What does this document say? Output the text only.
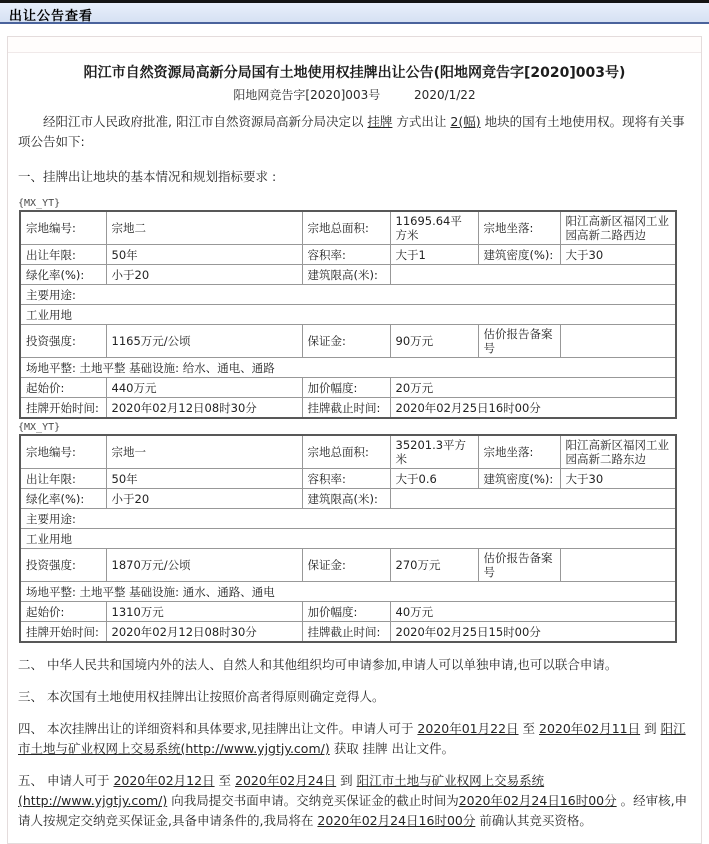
出让公告查看
阳江市自然资源局高新分局国有土地使用权挂牌出让公告(阳地网竞告字[2020]003号)
阳地网竞告字[2020]003号	2020/1/22

经阳江市人民政府批准, 阳江市自然资源局高新分局决定以 挂牌 方式出让 2(幅) 地块的国有土地使用权。现将有关事项公告如下:

一、挂牌出让地块的基本情况和规划指标要求 :
{MX_YT}
宗地编号:	宗地二	宗地总面积:	11695.64平方米	宗地坐落:	阳江高新区福冈工业园高新二路西边
出让年限:	50年	容积率:	大于1	建筑密度(%):	大于30
绿化率(%):	小于20	建筑限高(米):			
主要用途:					
工业用地					
投资强度:	1165万元/公顷	保证金:	90万元	估价报告备案号	
场地平整: 土地平整 基础设施: 给水、通电、通路					
起始价:	440万元	加价幅度:	20万元		
挂牌开始时间:	2020年02月12日08时30分	挂牌截止时间:	2020年02月25日16时00分		
{MX_YT}
宗地编号:	宗地一	宗地总面积:	35201.3平方米	宗地坐落:	阳江高新区福冈工业园高新二路东边
出让年限:	50年	容积率:	大于0.6	建筑密度(%):	大于30
绿化率(%):	小于20	建筑限高(米):			
主要用途:					
工业用地					
投资强度:	1870万元/公顷	保证金:	270万元	估价报告备案号	
场地平整: 土地平整 基础设施: 通水、通路、通电					
起始价:	1310万元	加价幅度:	40万元		
挂牌开始时间:	2020年02月12日08时30分	挂牌截止时间:	2020年02月25日15时00分		

二、 中华人民共和国境内外的法人、自然人和其他组织均可申请参加,申请人可以单独申请,也可以联合申请。

三、 本次国有土地使用权挂牌出让按照价高者得原则确定竞得人。

四、 本次挂牌出让的详细资料和具体要求,见挂牌出让文件。申请人可于 2020年01月22日 至 2020年02月11日 到 阳江市土地与矿业权网上交易系统(http://www.yjgtjy.com/) 获取 挂牌 出让文件。

五、 申请人可于 2020年02月12日 至 2020年02月24日 到 阳江市土地与矿业权网上交易系统(http://www.yjgtjy.com/) 向我局提交书面申请。交纳竞买保证金的截止时间为2020年02月24日16时00分 。经审核,申请人按规定交纳竞买保证金,具备申请条件的,我局将在 2020年02月24日16时00分 前确认其竞买资格。
